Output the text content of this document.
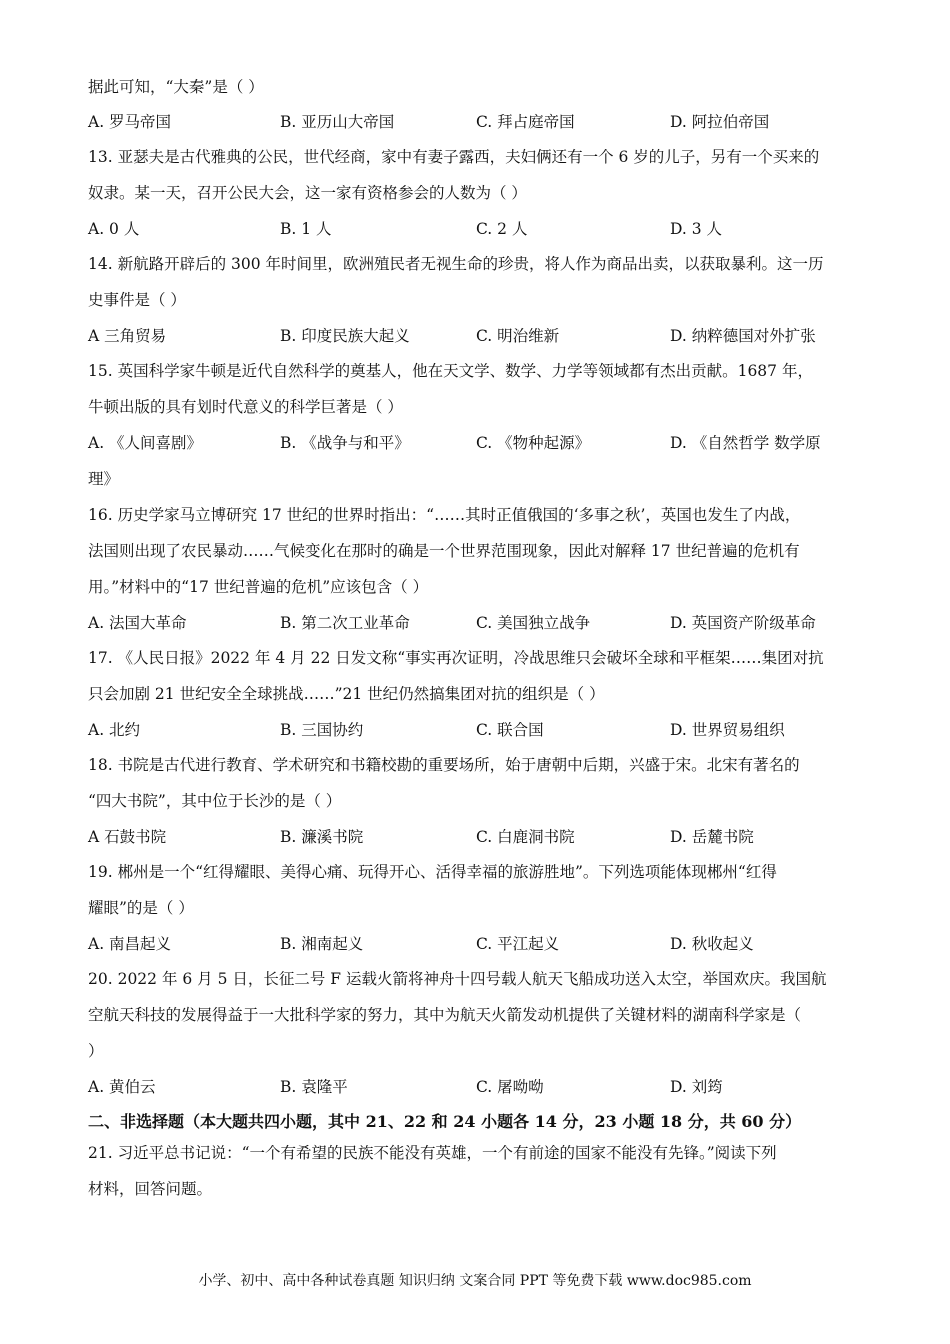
据此可知，“大秦”是（ ）
A. 罗马帝国	B. 亚历山大帝国	C. 拜占庭帝国	D. 阿拉伯帝国
13. 亚瑟夫是古代雅典的公民，世代经商，家中有妻子露西，夫妇俩还有一个 6 岁的儿子，另有一个买来的
奴隶。某一天，召开公民大会，这一家有资格参会的人数为（ ）
A. 0 人	B. 1 人	C. 2 人	D. 3 人
14. 新航路开辟后的 300 年时间里，欧洲殖民者无视生命的珍贵，将人作为商品出卖，以获取暴利。这一历
史事件是（ ）
A 三角贸易	B. 印度民族大起义	C. 明治维新	D. 纳粹德国对外扩张
15. 英国科学家牛顿是近代自然科学的奠基人，他在天文学、数学、力学等领域都有杰出贡献。1687 年，
牛顿出版的具有划时代意义的科学巨著是（ ）
A. 《人间喜剧》	B. 《战争与和平》	C. 《物种起源》	D. 《自然哲学 数学原
理》
16. 历史学家马立博研究 17 世纪的世界时指出：“……其时正值俄国的‘多事之秋’，英国也发生了内战，
法国则出现了农民暴动……气候变化在那时的确是一个世界范围现象，因此对解释 17 世纪普遍的危机有
用。”材料中的“17 世纪普遍的危机”应该包含（ ）
A. 法国大革命	B. 第二次工业革命	C. 美国独立战争	D. 英国资产阶级革命
17. 《人民日报》2022 年 4 月 22 日发文称“事实再次证明，冷战思维只会破坏全球和平框架……集团对抗
只会加剧 21 世纪安全全球挑战……”21 世纪仍然搞集团对抗的组织是（ ）
A. 北约	B. 三国协约	C. 联合国	D. 世界贸易组织
18. 书院是古代进行教育、学术研究和书籍校勘的重要场所，始于唐朝中后期，兴盛于宋。北宋有著名的
“四大书院”，其中位于长沙的是（ ）
A 石鼓书院	B. 濂溪书院	C. 白鹿洞书院	D. 岳麓书院
19. 郴州是一个“红得耀眼、美得心痛、玩得开心、活得幸福的旅游胜地”。下列选项能体现郴州“红得
耀眼”的是（ ）
A. 南昌起义	B. 湘南起义	C. 平江起义	D. 秋收起义
20. 2022 年 6 月 5 日，长征二号 F 运载火箭将神舟十四号载人航天飞船成功送入太空，举国欢庆。我国航
空航天科技的发展得益于一大批科学家的努力，其中为航天火箭发动机提供了关键材料的湖南科学家是（
）
A. 黄伯云	B. 袁隆平	C. 屠呦呦	D. 刘筠
二、非选择题（本大题共四小题，其中 21、22 和 24 小题各 14 分，23 小题 18 分，共 60 分）
21. 习近平总书记说：“一个有希望的民族不能没有英雄，一个有前途的国家不能没有先锋。”阅读下列
材料，回答问题。
小学、初中、高中各种试卷真题 知识归纳 文案合同 PPT 等免费下载 www.doc985.com
